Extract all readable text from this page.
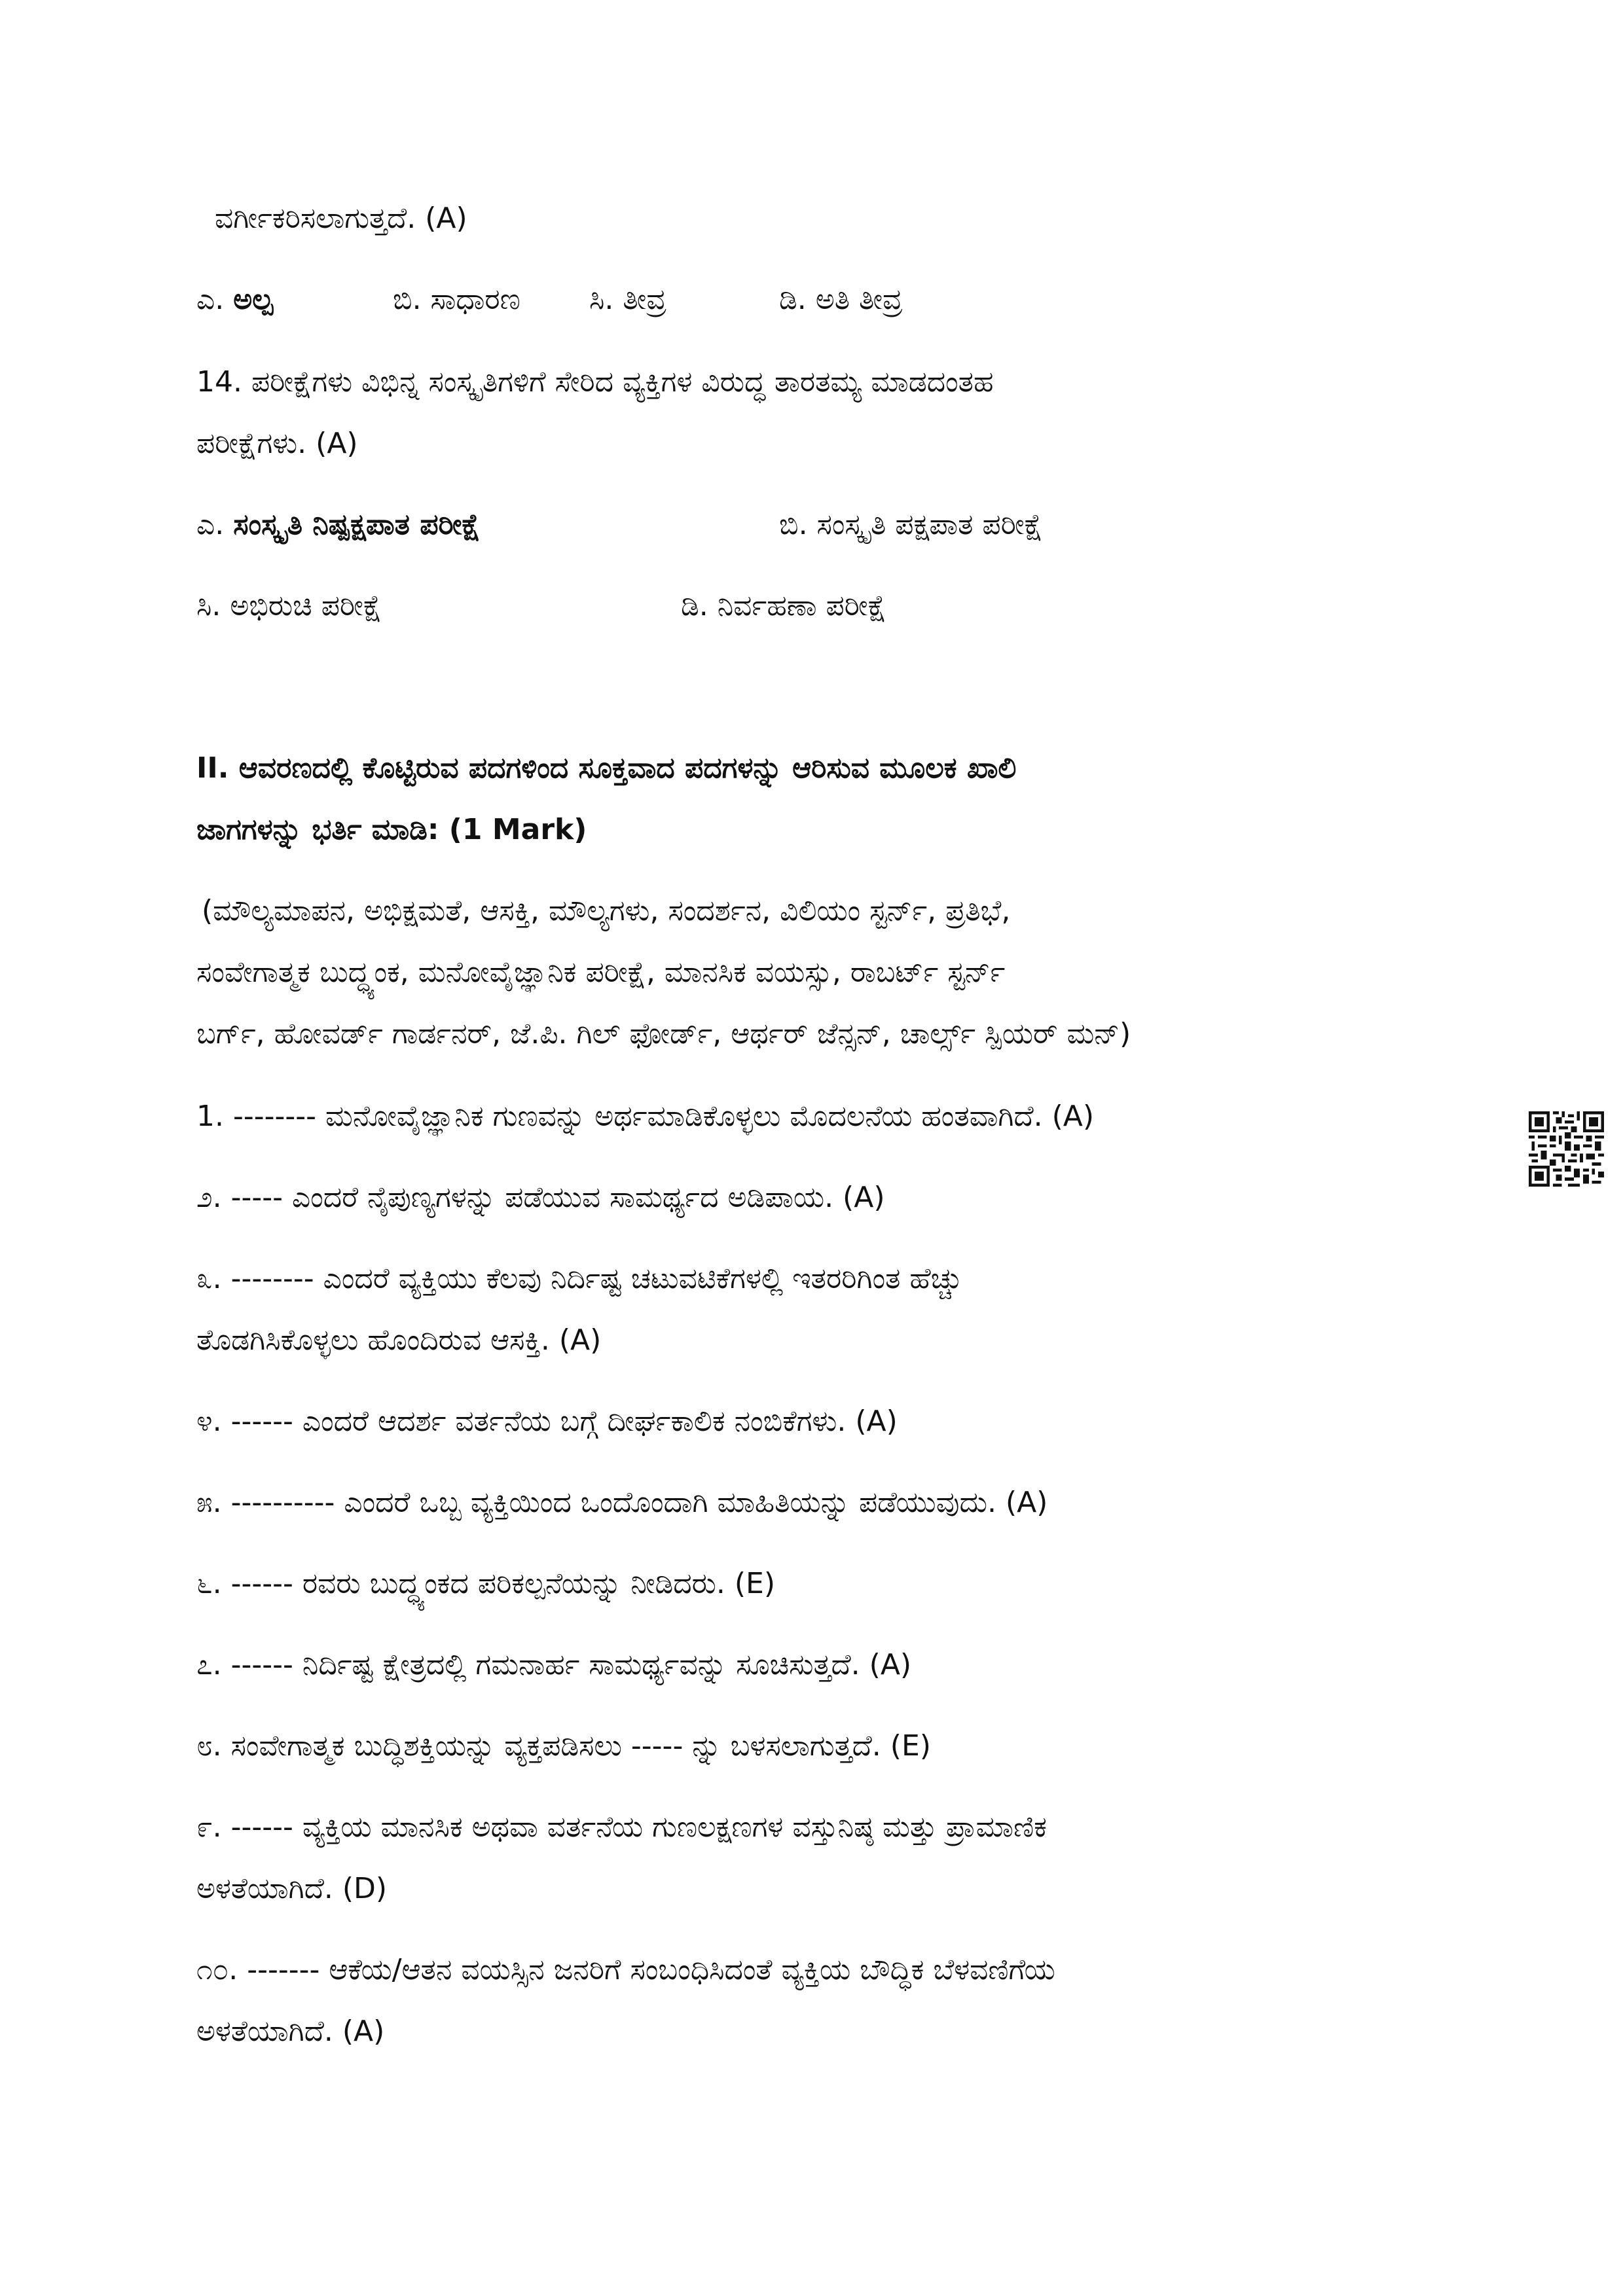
ವರ್ಗೀಕರಿಸಲಾಗುತ್ತದೆ. (A)

ಎ. ಅಲ್ಪ	ಬಿ. ಸಾಧಾರಣ ಸಿ. ತೀವ್ರ	ಡಿ. ಅತಿ ತೀವ್ರ

14. ಪರೀಕ್ಷೆಗಳು ವಿಭಿನ್ನ ಸಂಸ್ಕೃತಿಗಳಿಗೆ ಸೇರಿದ ವ್ಯಕ್ತಿಗಳ ವಿರುದ್ಧ ತಾರತಮ್ಯ ಮಾಡದಂತಹ

ಪರೀಕ್ಷೆಗಳು. (A)

ಎ. ಸಂಸ್ಕೃತಿ ನಿಷ್ಪಕ್ಷಪಾತ ಪರೀಕ್ಷೆ	ಬಿ. ಸಂಸ್ಕೃತಿ ಪಕ್ಷಪಾತ ಪರೀಕ್ಷೆ
ಸಿ. ಅಭಿರುಚಿ ಪರೀಕ್ಷೆ	ಡಿ. ನಿರ್ವಹಣಾ ಪರೀಕ್ಷೆ

II. ಆವರಣದಲ್ಲಿ ಕೊಟ್ಟಿರುವ ಪದಗಳಿಂದ ಸೂಕ್ತವಾದ ಪದಗಳನ್ನು ಆರಿಸುವ ಮೂಲಕ ಖಾಲಿ

ಜಾಗಗಳನ್ನು ಭರ್ತಿ ಮಾಡಿ: (1 Mark)

(ಮೌಲ್ಯಮಾಪನ, ಅಭಿಕ್ಷಮತೆ, ಆಸಕ್ತಿ, ಮೌಲ್ಯಗಳು, ಸಂದರ್ಶನ, ವಿಲಿಯಂ ಸ್ಟರ್ನ್, ಪ್ರತಿಭೆ,

ಸಂವೇಗಾತ್ಮಕ ಬುದ್ಧ್ಯಂಕ, ಮನೋವೈಜ್ಞಾನಿಕ ಪರೀಕ್ಷೆ, ಮಾನಸಿಕ ವಯಸ್ಸು, ರಾಬರ್ಟ್ ಸ್ಟರ್ನ್

ಬರ್ಗ್, ಹೋವರ್ಡ್ ಗಾರ್ಡನರ್, ಜೆ.ಪಿ. ಗಿಲ್ ಫೋರ್ಡ್, ಆರ್ಥರ್ ಜೆನ್ಸನ್, ಚಾರ್ಲ್ಸ್ ಸ್ಪಿಯರ್ ಮನ್)

1. -------- ಮನೋವೈಜ್ಞಾನಿಕ ಗುಣವನ್ನು ಅರ್ಥಮಾಡಿಕೊಳ್ಳಲು ಮೊದಲನೆಯ ಹಂತವಾಗಿದೆ. (A)

೨. ----- ಎಂದರೆ ನೈಪುಣ್ಯಗಳನ್ನು ಪಡೆಯುವ ಸಾಮರ್ಥ್ಯದ ಅಡಿಪಾಯ. (A)

೩. -------- ಎಂದರೆ ವ್ಯಕ್ತಿಯು ಕೆಲವು ನಿರ್ದಿಷ್ಟ ಚಟುವಟಿಕೆಗಳಲ್ಲಿ ಇತರರಿಗಿಂತ ಹೆಚ್ಚು

ತೊಡಗಿಸಿಕೊಳ್ಳಲು ಹೊಂದಿರುವ ಆಸಕ್ತಿ. (A)

೪. ------ ಎಂದರೆ ಆದರ್ಶ ವರ್ತನೆಯ ಬಗ್ಗೆ ದೀರ್ಘಕಾಲಿಕ ನಂಬಿಕೆಗಳು. (A)

೫. ---------- ಎಂದರೆ ಒಬ್ಬ ವ್ಯಕ್ತಿಯಿಂದ ಒಂದೊಂದಾಗಿ ಮಾಹಿತಿಯನ್ನು ಪಡೆಯುವುದು. (A)

೬. ------ ರವರು ಬುದ್ಧ್ಯಂಕದ ಪರಿಕಲ್ಪನೆಯನ್ನು ನೀಡಿದರು. (E)

೭. ------ ನಿರ್ದಿಷ್ಟ ಕ್ಷೇತ್ರದಲ್ಲಿ ಗಮನಾರ್ಹ ಸಾಮರ್ಥ್ಯವನ್ನು ಸೂಚಿಸುತ್ತದೆ. (A)

೮. ಸಂವೇಗಾತ್ಮಕ ಬುದ್ಧಿಶಕ್ತಿಯನ್ನು ವ್ಯಕ್ತಪಡಿಸಲು ----- ನ್ನು ಬಳಸಲಾಗುತ್ತದೆ. (E)

೯. ------ ವ್ಯಕ್ತಿಯ ಮಾನಸಿಕ ಅಥವಾ ವರ್ತನೆಯ ಗುಣಲಕ್ಷಣಗಳ ವಸ್ತುನಿಷ್ಠ ಮತ್ತು ಪ್ರಾಮಾಣಿಕ

ಅಳತೆಯಾಗಿದೆ. (D)

೧೦. ------- ಆಕೆಯ/ಆತನ ವಯಸ್ಸಿನ ಜನರಿಗೆ ಸಂಬಂಧಿಸಿದಂತೆ ವ್ಯಕ್ತಿಯ ಬೌದ್ಧಿಕ ಬೆಳವಣಿಗೆಯ

ಅಳತೆಯಾಗಿದೆ. (A)
